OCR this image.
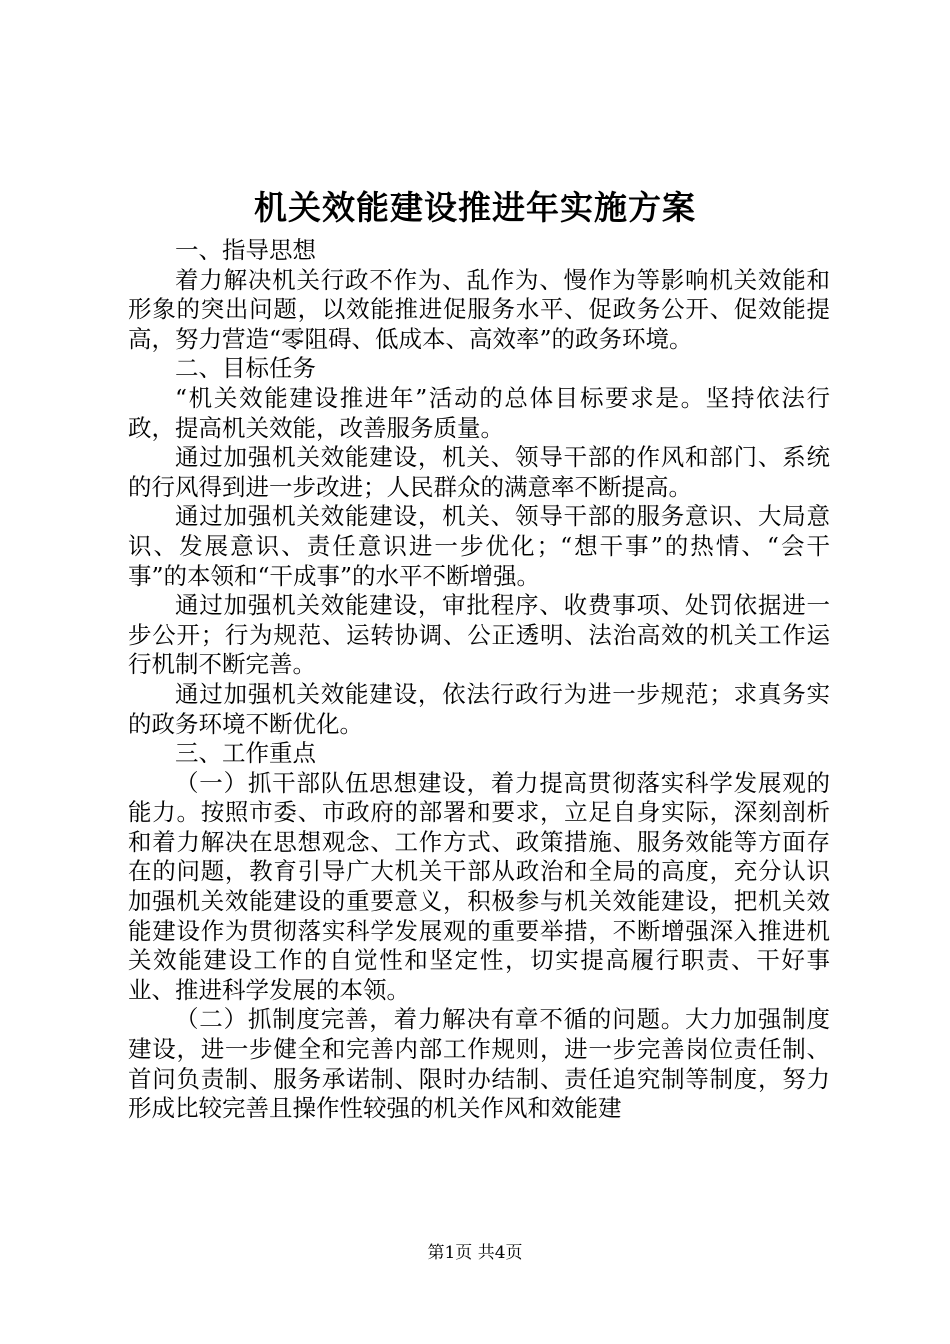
机关效能建设推进年实施方案

一、指导思想

着力解决机关行政不作为、乱作为、慢作为等影响机关效能和形象的突出问题，以效能推进促服务水平、促政务公开、促效能提高，努力营造“零阻碍、低成本、高效率”的政务环境。

二、目标任务

“机关效能建设推进年”活动的总体目标要求是。坚持依法行政，提高机关效能，改善服务质量。

通过加强机关效能建设，机关、领导干部的作风和部门、系统的行风得到进一步改进；人民群众的满意率不断提高。

通过加强机关效能建设，机关、领导干部的服务意识、大局意识、发展意识、责任意识进一步优化；“想干事”的热情、“会干事”的本领和“干成事”的水平不断增强。

通过加强机关效能建设，审批程序、收费事项、处罚依据进一步公开；行为规范、运转协调、公正透明、法治高效的机关工作运行机制不断完善。

通过加强机关效能建设，依法行政行为进一步规范；求真务实的政务环境不断优化。

三、工作重点

（一）抓干部队伍思想建设，着力提高贯彻落实科学发展观的能力。按照市委、市政府的部署和要求，立足自身实际，深刻剖析和着力解决在思想观念、工作方式、政策措施、服务效能等方面存在的问题，教育引导广大机关干部从政治和全局的高度，充分认识加强机关效能建设的重要意义，积极参与机关效能建设，把机关效能建设作为贯彻落实科学发展观的重要举措，不断增强深入推进机关效能建设工作的自觉性和坚定性，切实提高履行职责、干好事业、推进科学发展的本领。

（二）抓制度完善，着力解决有章不循的问题。大力加强制度建设，进一步健全和完善内部工作规则，进一步完善岗位责任制、首问负责制、服务承诺制、限时办结制、责任追究制等制度，努力形成比较完善且操作性较强的机关作风和效能建

第1页 共4页
